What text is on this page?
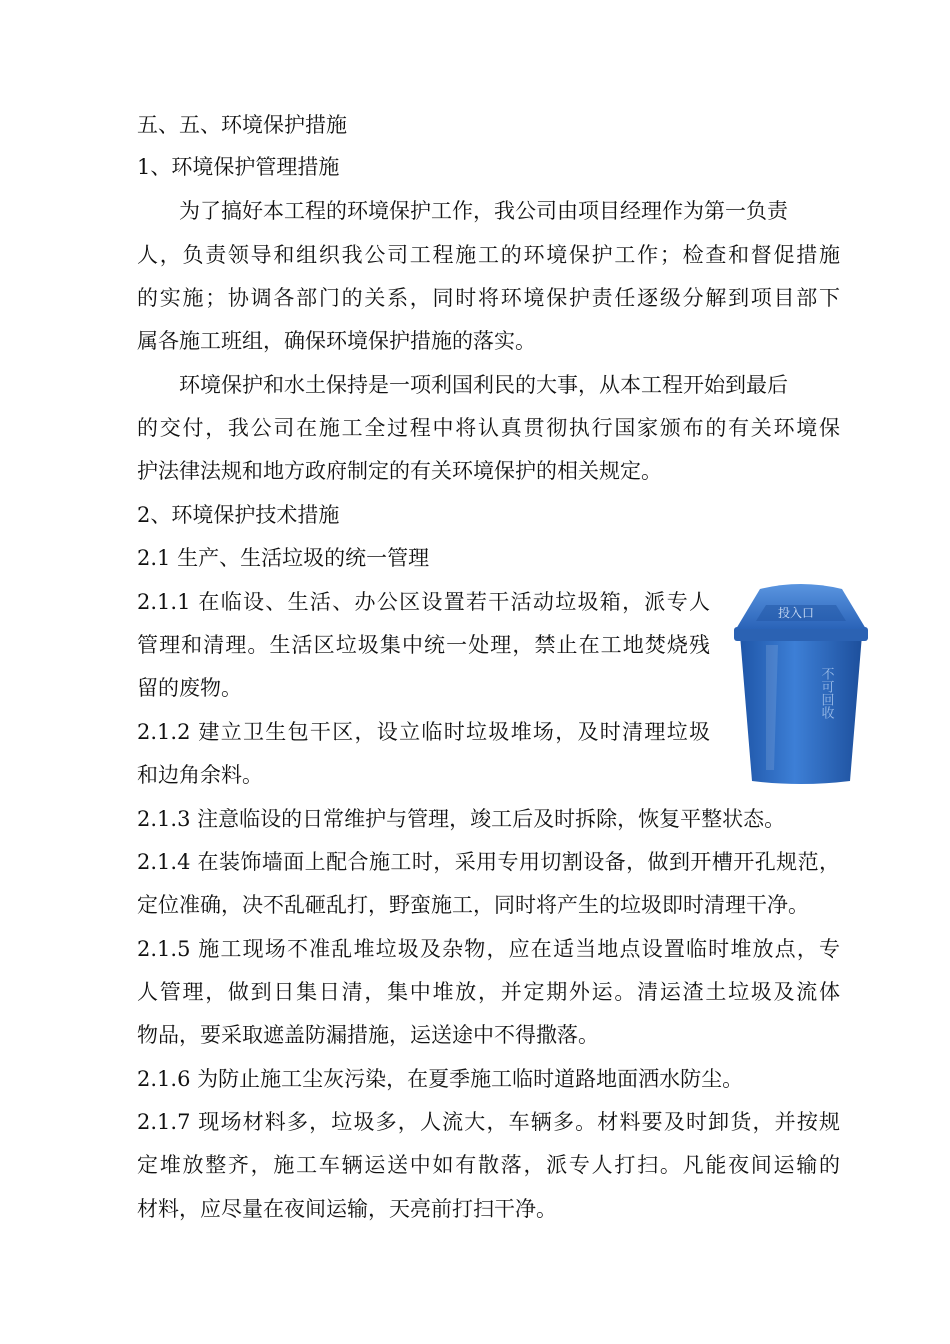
五、五、环境保护措施
1、环境保护管理措施
为了搞好本工程的环境保护工作，我公司由项目经理作为第一负责
人，负责领导和组织我公司工程施工的环境保护工作；检查和督促措施
的实施；协调各部门的关系，同时将环境保护责任逐级分解到项目部下
属各施工班组，确保环境保护措施的落实。
环境保护和水土保持是一项利国利民的大事，从本工程开始到最后
的交付，我公司在施工全过程中将认真贯彻执行国家颁布的有关环境保
护法律法规和地方政府制定的有关环境保护的相关规定。
2、环境保护技术措施
2.1 生产、生活垃圾的统一管理
2.1.1 在临设、生活、办公区设置若干活动垃圾箱，派专人
管理和清理。生活区垃圾集中统一处理，禁止在工地焚烧残
留的废物。
2.1.2 建立卫生包干区，设立临时垃圾堆场，及时清理垃圾
和边角余料。
2.1.3 注意临设的日常维护与管理，竣工后及时拆除，恢复平整状态。
2.1.4 在装饰墙面上配合施工时，采用专用切割设备，做到开槽开孔规范，
定位准确，决不乱砸乱打，野蛮施工，同时将产生的垃圾即时清理干净。
2.1.5 施工现场不准乱堆垃圾及杂物，应在适当地点设置临时堆放点，专
人管理，做到日集日清，集中堆放，并定期外运。清运渣土垃圾及流体
物品，要采取遮盖防漏措施，运送途中不得撒落。
2.1.6 为防止施工尘灰污染，在夏季施工临时道路地面洒水防尘。
2.1.7 现场材料多，垃圾多，人流大，车辆多。材料要及时卸货，并按规
定堆放整齐，施工车辆运送中如有散落，派专人打扫。凡能夜间运输的
材料，应尽量在夜间运输，天亮前打扫干净。
投入口
不可回收
